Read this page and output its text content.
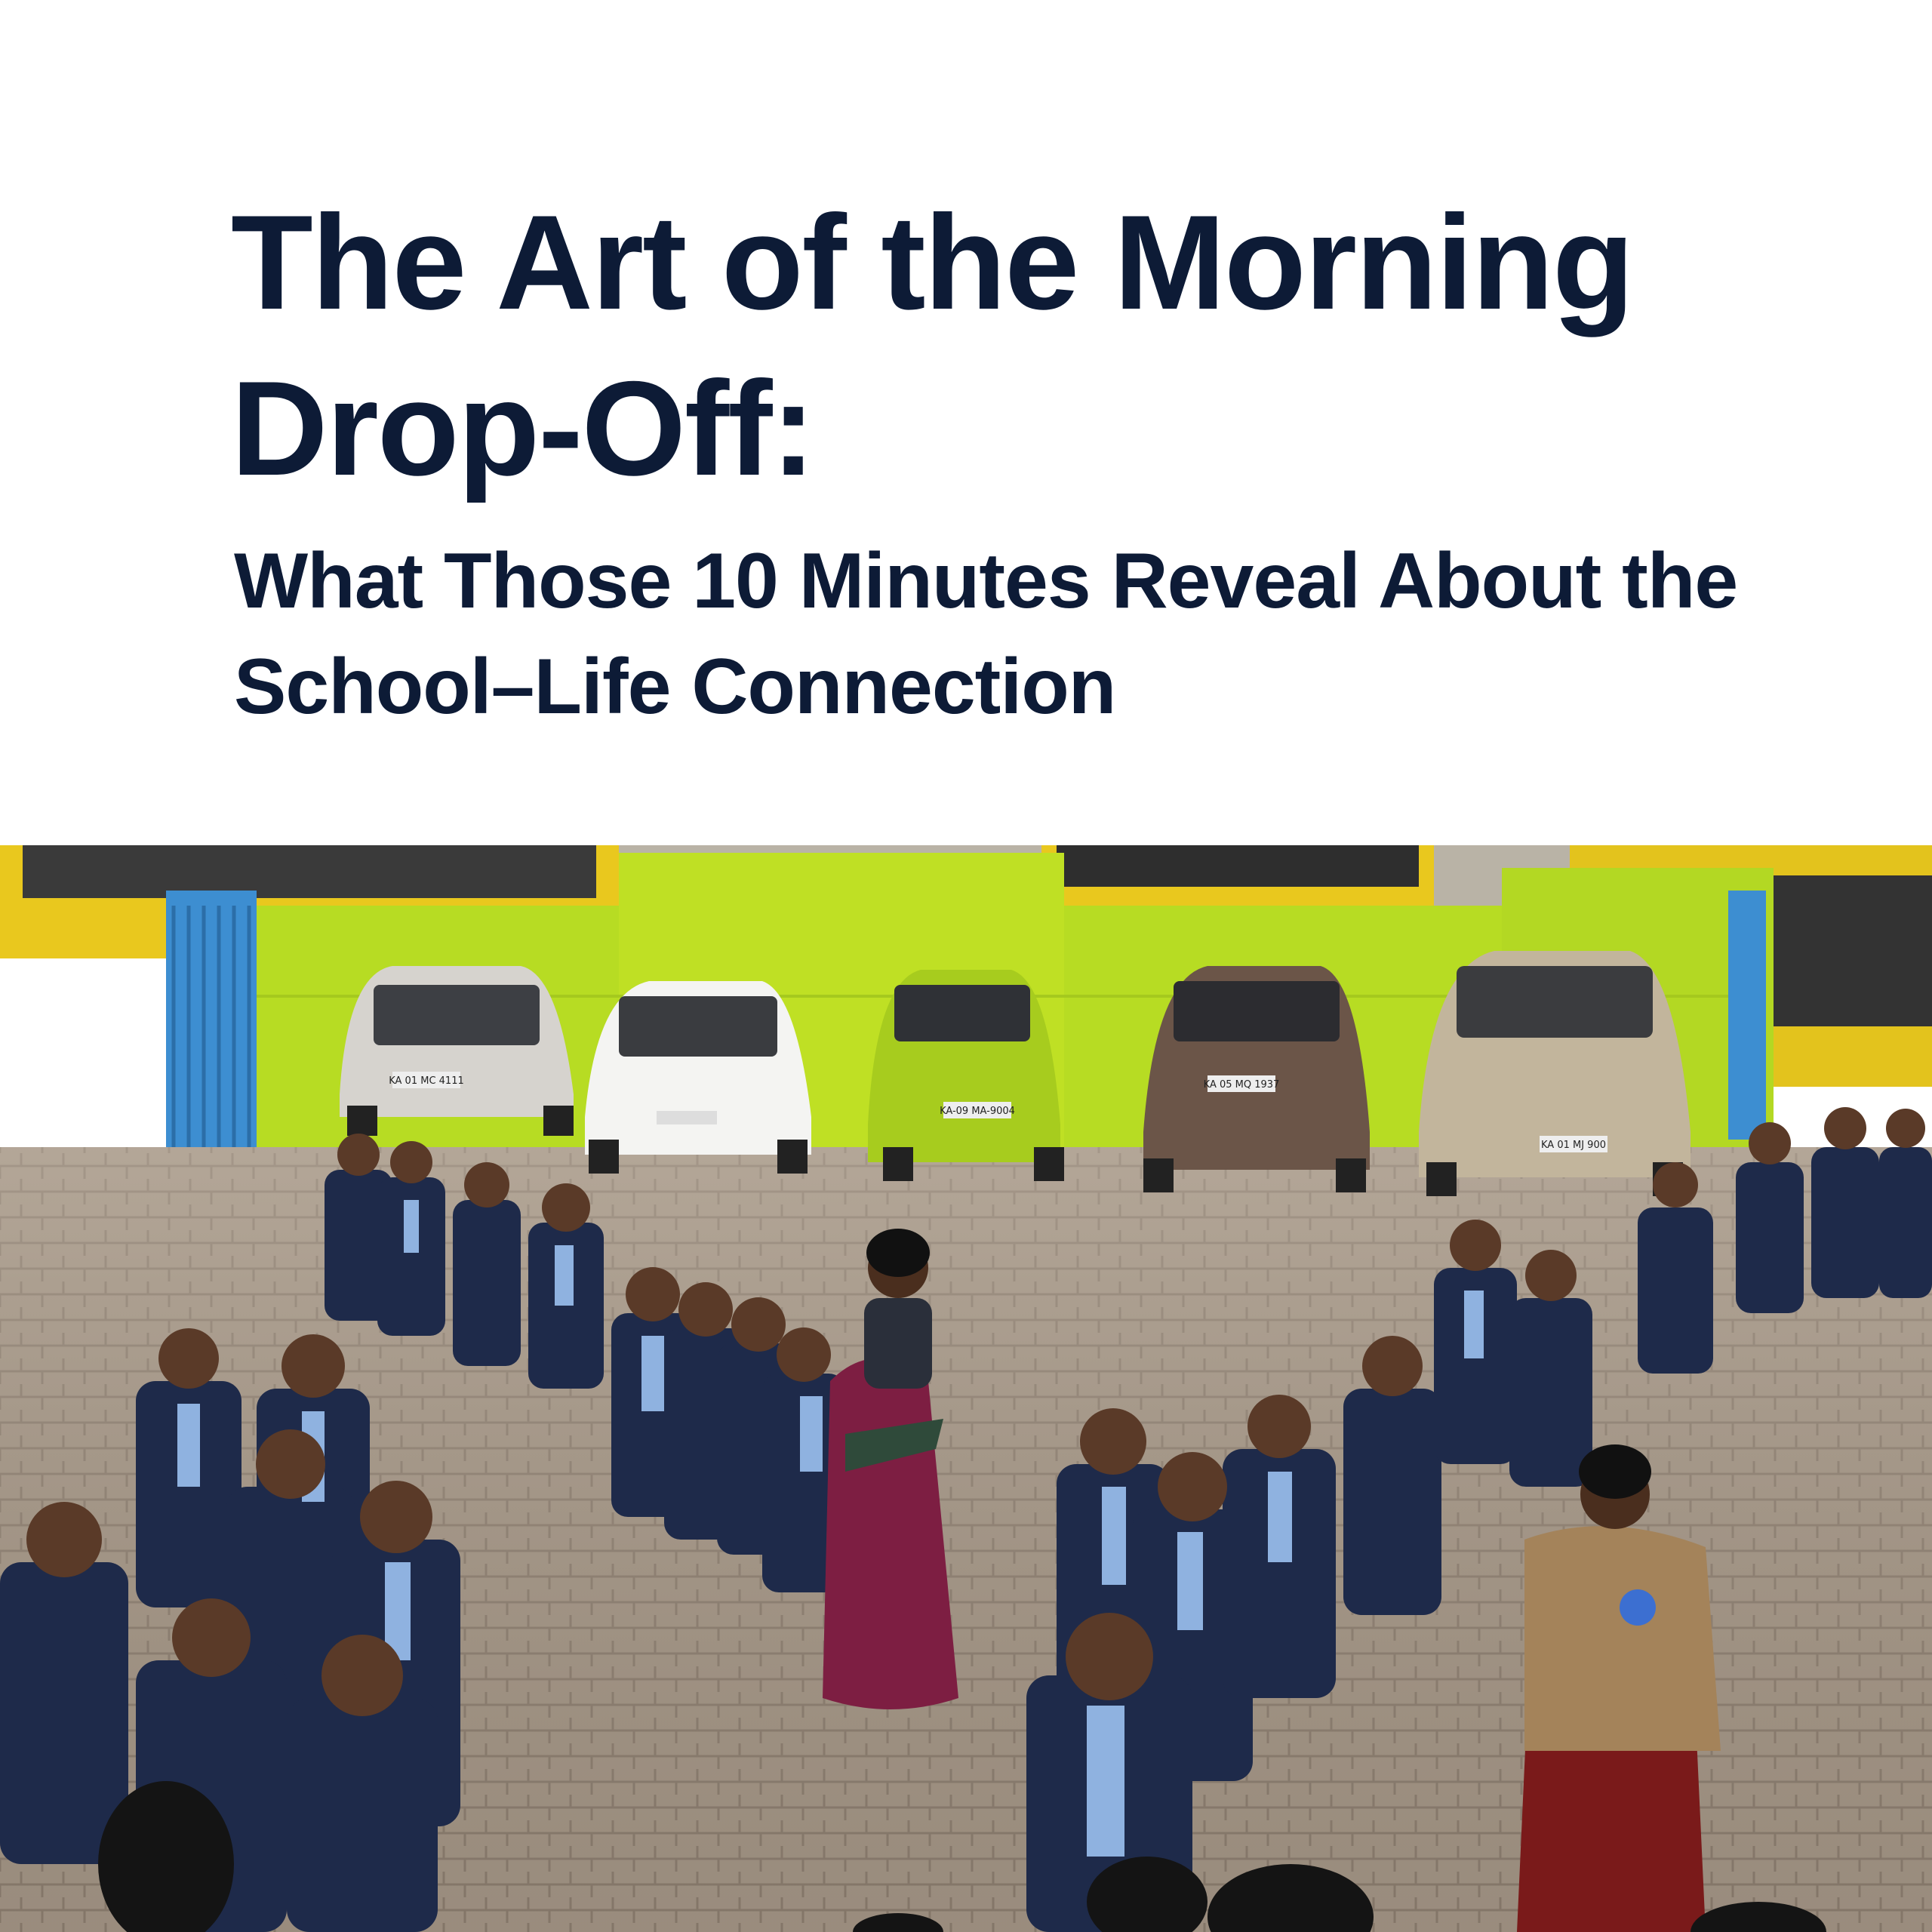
The Art of the Morning Drop-Off:
What Those 10 Minutes Reveal About the School–Life Connection
KA 01 MC 4111
KA-09 MA-9004
KA 05 MQ 1937
KA 01 MJ 900
